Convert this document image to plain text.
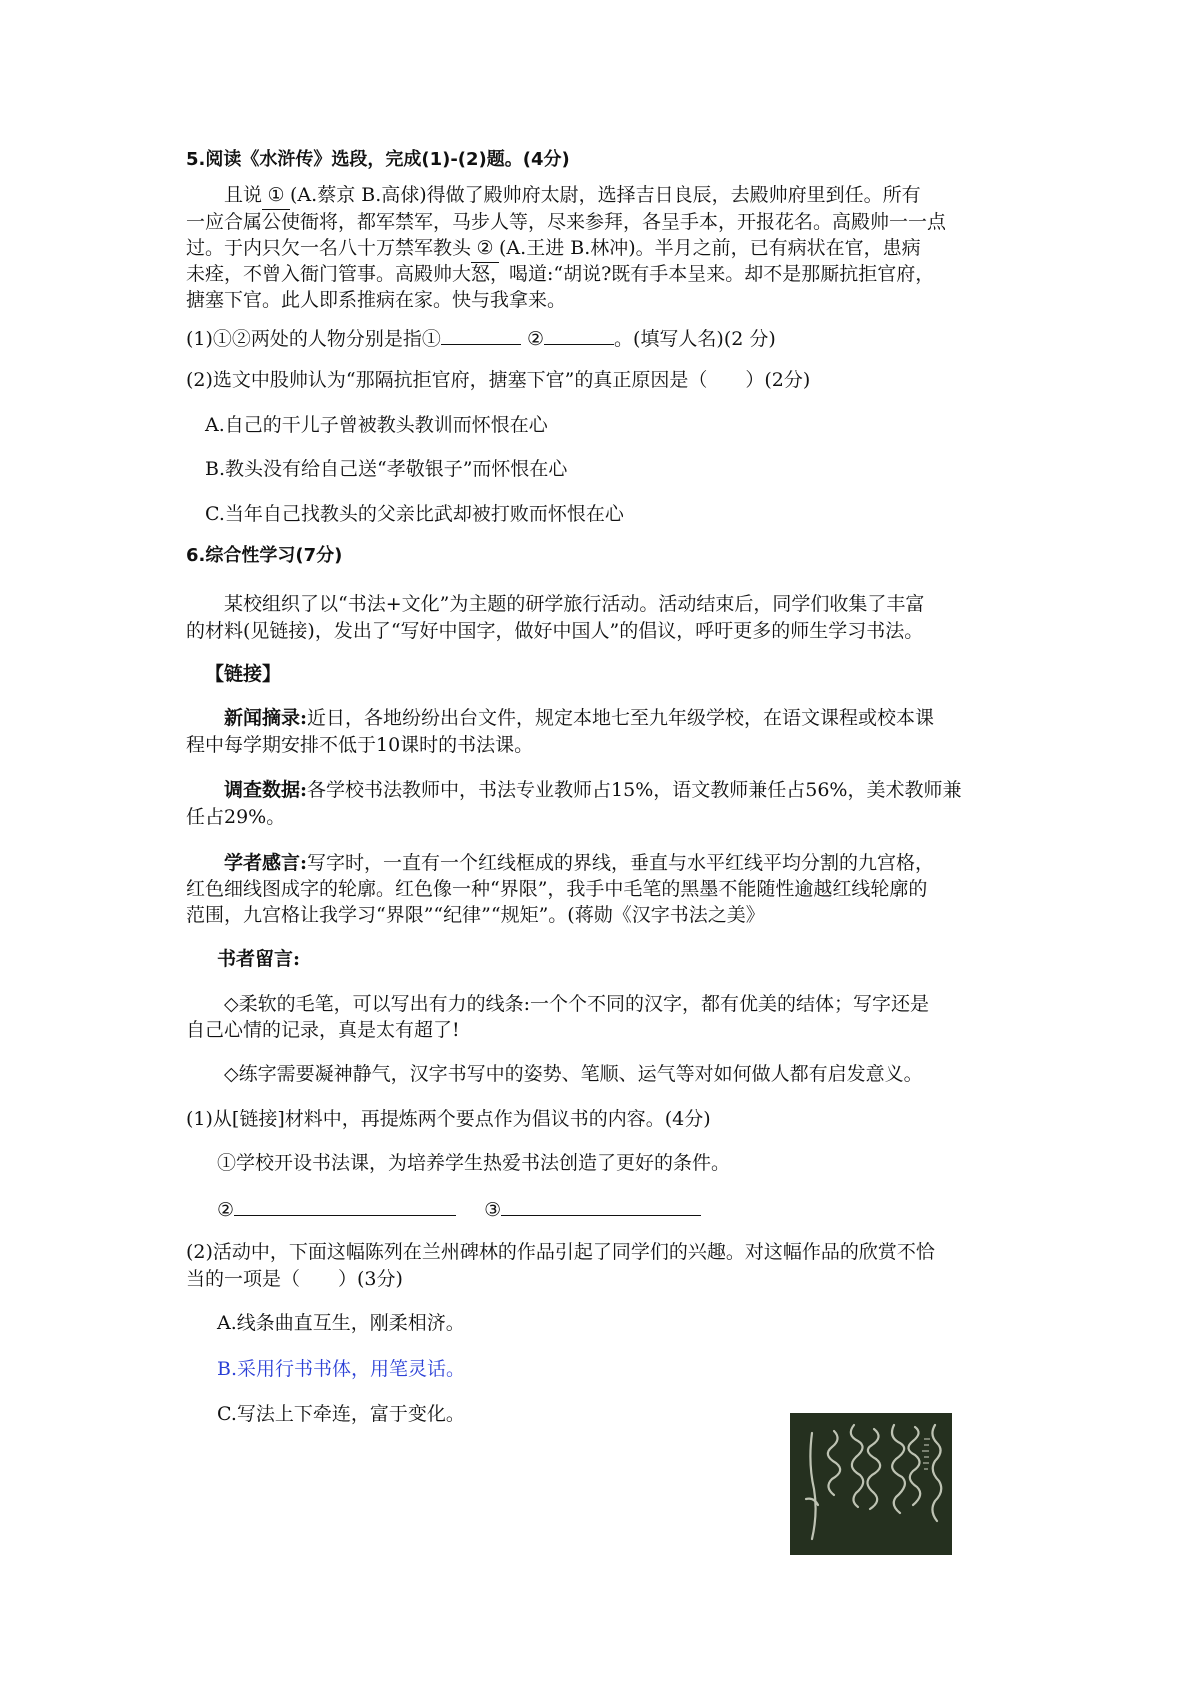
5.阅读《水浒传》选段，完成(1)-(2)题。(4分)
且说 ① (A.蔡京 B.高俅)得做了殿帅府太尉，选择吉日良辰，去殿帅府里到任。所有
一应合属公使衙将，都军禁军，马步人等，尽来参拜，各呈手本，开报花名。高殿帅一一点
过。于内只欠一名八十万禁军教头 ② (A.王进 B.林冲)。半月之前，已有病状在官，患病
未痊，不曾入衙门管事。高殿帅大怒，喝道:“胡说?既有手本呈来。却不是那厮抗拒官府，
搪塞下官。此人即系推病在家。快与我拿来。
(1)①②两处的人物分别是指①	②	。(填写人名)(2 分)
(2)选文中股帅认为“那隔抗拒官府，搪塞下官”的真正原因是（　　）(2分)
A.自己的干儿子曾被教头教训而怀恨在心
B.教头没有给自己送“孝敬银子”而怀恨在心
C.当年自己找教头的父亲比武却被打败而怀恨在心
6.综合性学习(7分)
某校组织了以“书法+文化”为主题的研学旅行活动。活动结束后，同学们收集了丰富
的材料(见链接)，发出了“写好中国字，做好中国人”的倡议，呼吁更多的师生学习书法。
【链接】
新闻摘录:近日，各地纷纷出台文件，规定本地七至九年级学校，在语文课程或校本课
程中每学期安排不低于10课时的书法课。
调查数据:各学校书法教师中，书法专业教师占15%，语文教师兼任占56%，美术教师兼
任占29%。
学者感言:写字时，一直有一个红线框成的界线，垂直与水平红线平均分割的九宫格，
红色细线图成字的轮廓。红色像一种“界限”，我手中毛笔的黑墨不能随性逾越红线轮廓的
范围，九宫格让我学习“界限”“纪律”“规矩”。(蒋勋《汉字书法之美》
书者留言:
◇柔软的毛笔，可以写出有力的线条:一个个不同的汉字，都有优美的结体；写字还是
自己心情的记录，真是太有超了!
◇练字需要凝神静气，汉字书写中的姿势、笔顺、运气等对如何做人都有启发意义。
(1)从[链接]材料中，再提炼两个要点作为倡议书的内容。(4分)
①学校开设书法课，为培养学生热爱书法创造了更好的条件。
②	③
(2)活动中，下面这幅陈列在兰州碑林的作品引起了同学们的兴趣。对这幅作品的欣赏不恰
当的一项是（　　）(3分)
A.线条曲直互生，刚柔相济。
B.采用行书书体，用笔灵话。
C.写法上下牵连，富于变化。
